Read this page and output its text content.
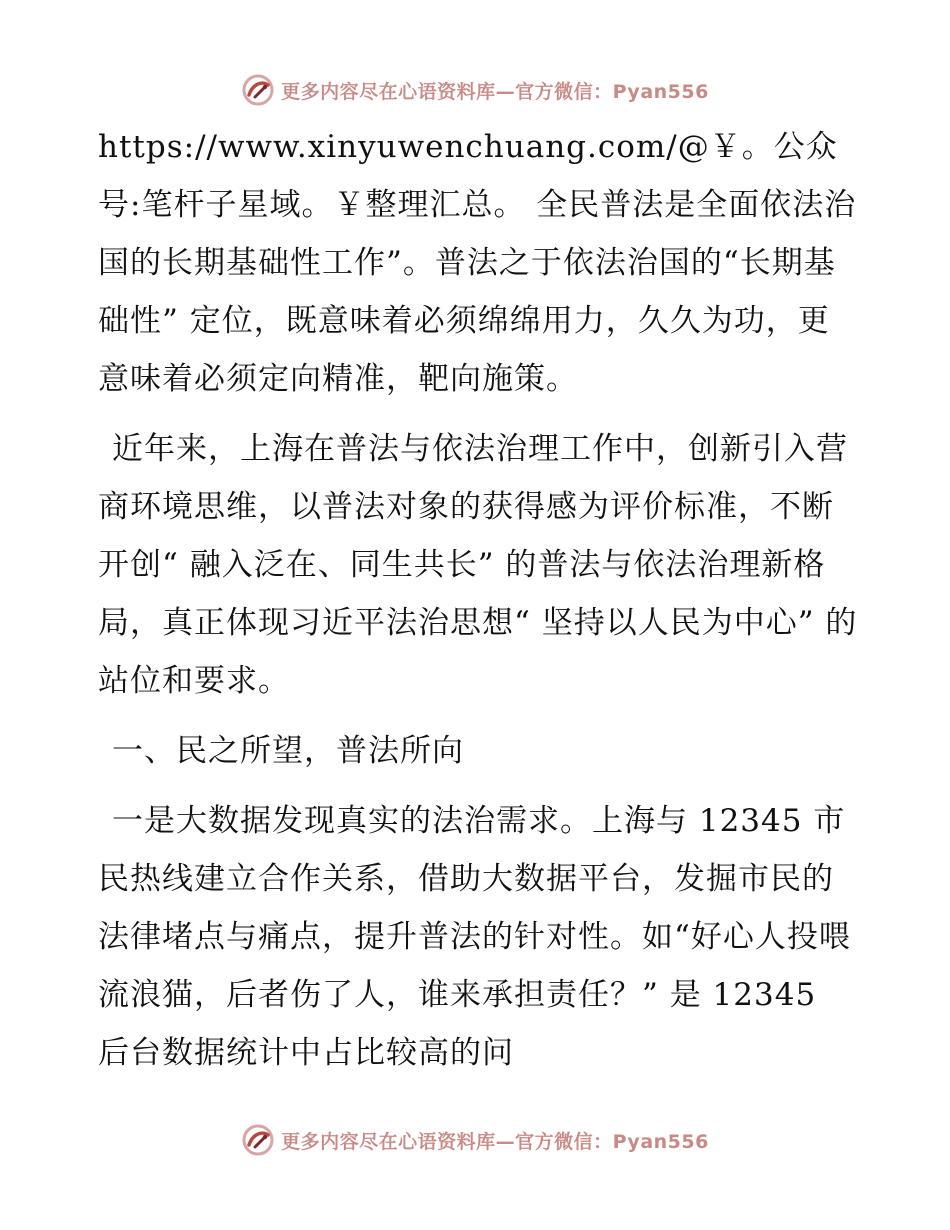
更多内容尽在心语资料库—官方微信：Pyan556

https://www.xinyuwenchuang.com/@￥。公众号:笔杆子星域。￥整理汇总。 全民普法是全面依法治国的长期基础性工作”。普法之于依法治国的“长期基础性” 定位，既意味着必须绵绵用力，久久为功，更意味着必须定向精准，靶向施策。

近年来，上海在普法与依法治理工作中，创新引入营商环境思维，以普法对象的获得感为评价标准，不断开创“ 融入泛在、同生共长” 的普法与依法治理新格局，真正体现习近平法治思想“ 坚持以人民为中心” 的站位和要求。

一、民之所望，普法所向

一是大数据发现真实的法治需求。上海与 12345 市民热线建立合作关系，借助大数据平台，发掘市民的法律堵点与痛点，提升普法的针对性。如“好心人投喂流浪猫，后者伤了人，谁来承担责任？” 是 12345 后台数据统计中占比较高的问

更多内容尽在心语资料库—官方微信：Pyan556
